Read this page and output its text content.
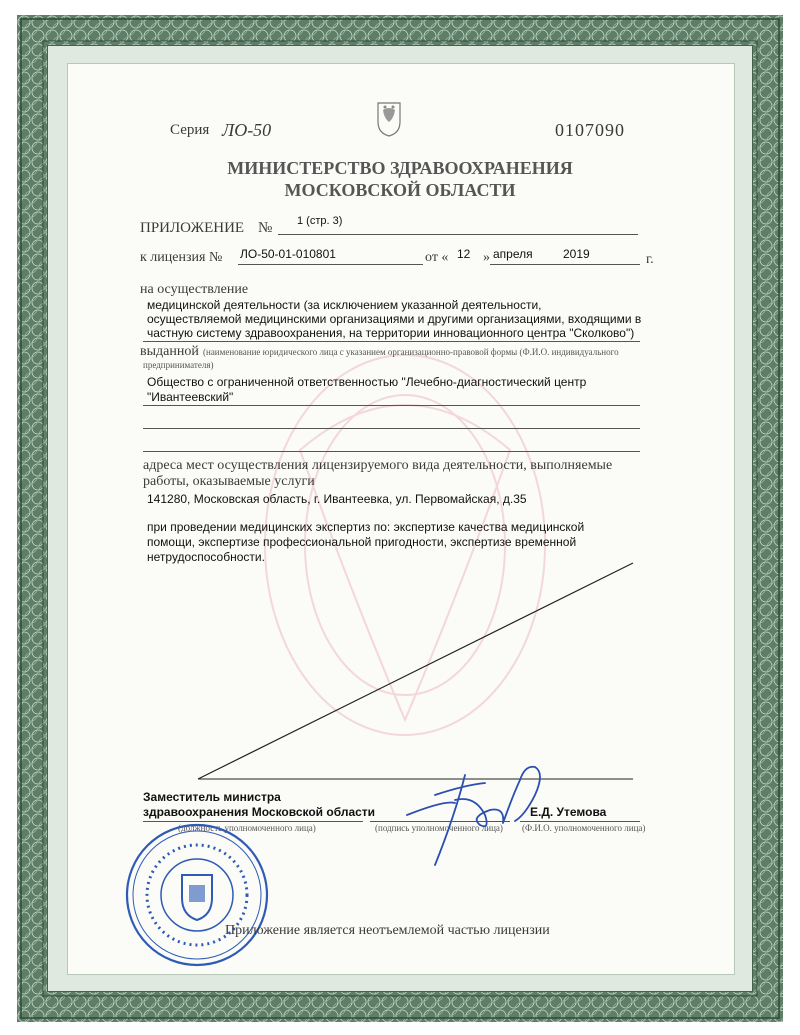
Серия ЛО-50	0107090
МИНИСТЕРСТВО ЗДРАВООХРАНЕНИЯ
МОСКОВСКОЙ ОБЛАСТИ
ПРИЛОЖЕНИЕ № 1 (стр. 3)
к лицензия № ЛО-50-01-010801	от « 12 » апреля	2019	г.
на осуществление
медицинской деятельности (за исключением указанной деятельности,
осуществляемой медицинскими организациями и другими организациями, входящими в
частную систему здравоохранения, на территории инновационного центра "Сколково")
выданной (наименование юридического лица с указанием организационно-правовой формы (Ф.И.О. индивидуального
предпринимателя)
Общество с ограниченной ответственностью "Лечебно-диагностический центр
"Ивантеевский"
адреса мест осуществления лицензируемого вида деятельности, выполняемые
работы, оказываемые услуги
141280, Московская область, г. Ивантеевка, ул. Первомайская, д.35
при проведении медицинских экспертиз по: экспертизе качества медицинской
помощи, экспертизе профессиональной пригодности, экспертизе временной
нетрудоспособности.
Заместитель министра
здравоохранения Московской области
(должность уполномоченного лица)	(подпись уполномоченного лица)
Е.Д. Утемова
(Ф.И.О. уполномоченного лица)
Приложение является неотъемлемой частью лицензии
